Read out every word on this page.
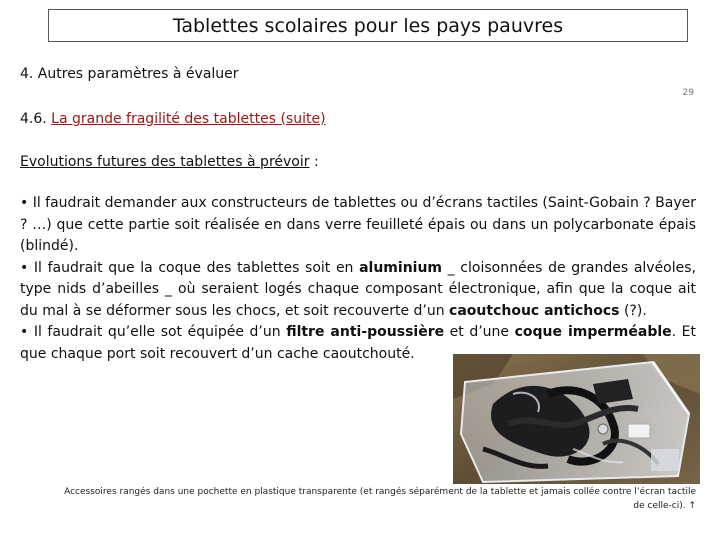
Tablettes scolaires pour les pays pauvres
4. Autres paramètres à évaluer
29
4.6. La grande fragilité des tablettes (suite)
Evolutions futures des tablettes à prévoir :

• Il faudrait demander aux constructeurs de tablettes ou d’écrans tactiles (Saint-Gobain ? Bayer ? …) que cette partie soit réalisée en dans verre feuilleté épais ou dans un polycarbonate épais (blindé).

• Il faudrait que la coque des tablettes soit en aluminium _ cloisonnées de grandes alvéoles, type nids d’abeilles _ où seraient logés chaque composant électronique, afin que la coque ait du mal à se déformer sous les chocs, et soit recouverte d’un caoutchouc antichocs (?).

• Il faudrait qu’elle sot équipée d’un filtre anti-poussière et d’une coque imperméable. Et que chaque port soit recouvert d’un cache caoutchouté.

Accessoires rangés dans une pochette en plastique transparente (et rangés séparément de la tablette et jamais collée contre l’écran tactile de celle-ci). ↑
